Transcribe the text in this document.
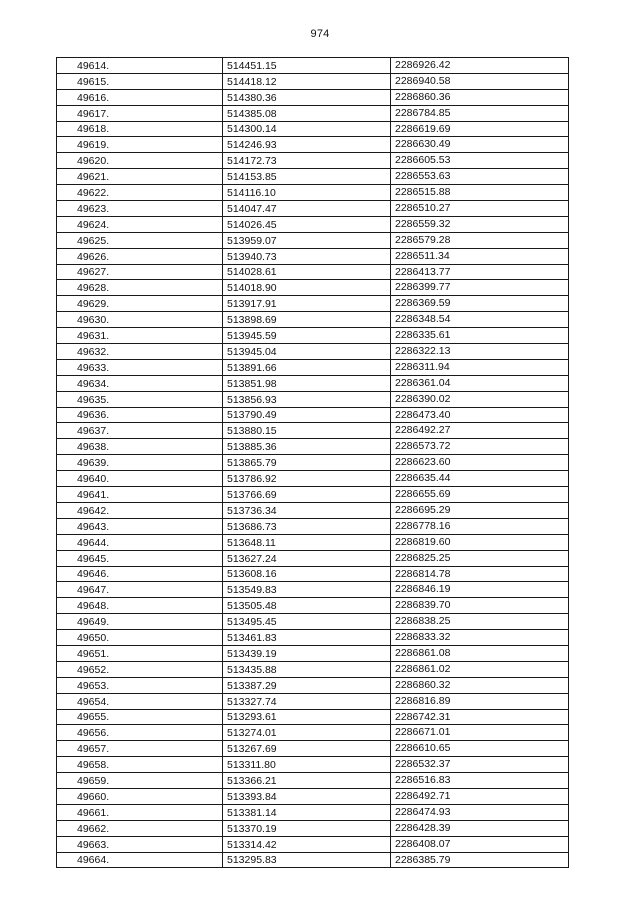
974
49614.	514451.15	2286926.42
49615.	514418.12	2286940.58
49616.	514380.36	2286860.36
49617.	514385.08	2286784.85
49618.	514300.14	2286619.69
49619.	514246.93	2286630.49
49620.	514172.73	2286605.53
49621.	514153.85	2286553.63
49622.	514116.10	2286515.88
49623.	514047.47	2286510.27
49624.	514026.45	2286559.32
49625.	513959.07	2286579.28
49626.	513940.73	2286511.34
49627.	514028.61	2286413.77
49628.	514018.90	2286399.77
49629.	513917.91	2286369.59
49630.	513898.69	2286348.54
49631.	513945.59	2286335.61
49632.	513945.04	2286322.13
49633.	513891.66	2286311.94
49634.	513851.98	2286361.04
49635.	513856.93	2286390.02
49636.	513790.49	2286473.40
49637.	513880.15	2286492.27
49638.	513885.36	2286573.72
49639.	513865.79	2286623.60
49640.	513786.92	2286635.44
49641.	513766.69	2286655.69
49642.	513736.34	2286695.29
49643.	513686.73	2286778.16
49644.	513648.11	2286819.60
49645.	513627.24	2286825.25
49646.	513608.16	2286814.78
49647.	513549.83	2286846.19
49648.	513505.48	2286839.70
49649.	513495.45	2286838.25
49650.	513461.83	2286833.32
49651.	513439.19	2286861.08
49652.	513435.88	2286861.02
49653.	513387.29	2286860.32
49654.	513327.74	2286816.89
49655.	513293.61	2286742.31
49656.	513274.01	2286671.01
49657.	513267.69	2286610.65
49658.	513311.80	2286532.37
49659.	513366.21	2286516.83
49660.	513393.84	2286492.71
49661.	513381.14	2286474.93
49662.	513370.19	2286428.39
49663.	513314.42	2286408.07
49664.	513295.83	2286385.79
